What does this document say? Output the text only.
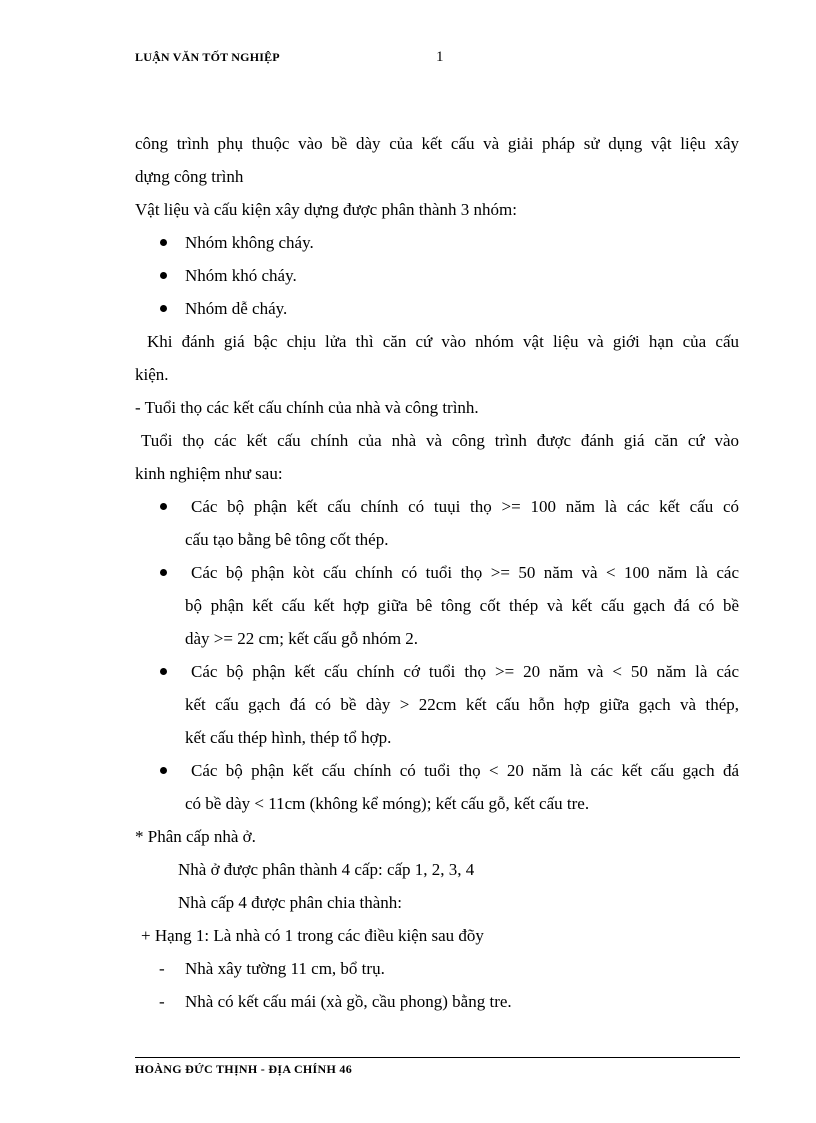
LUẬN VĂN TỐT NGHIỆP	1

công trình phụ thuộc vào bề dày của kết cấu và giải pháp sử dụng vật liệu xây

dựng công trình

Vật liệu và cấu kiện xây dựng được phân thành 3 nhóm:

Nhóm không cháy.
Nhóm khó cháy.
Nhóm dễ cháy.

Khi đánh giá bậc chịu lửa thì căn cứ vào nhóm vật liệu và giới hạn của cấu

kiện.

- Tuổi thọ các kết cấu chính của nhà và công trình.

Tuổi thọ các kết cấu chính của nhà và công trình được đánh giá căn cứ vào

kinh nghiệm như sau:

Các bộ phận kết cấu chính có tuụi thọ >= 100 năm là các kết cấu có
cấu tạo bằng bê tông cốt thép.
Các bộ phận kòt cấu chính có tuổi thọ >= 50 năm và < 100 năm là các
bộ phận kết cấu kết hợp giữa bê tông cốt thép và kết cấu gạch đá có bề
dày >= 22 cm; kết cấu gỗ nhóm 2.
Các bộ phận kết cấu chính cớ tuổi thọ >= 20 năm và < 50 năm là các
kết cấu gạch đá có bề dày > 22cm kết cấu hỗn hợp giữa gạch và thép,
kết cấu thép hình, thép tổ hợp.
Các bộ phận kết cấu chính có tuổi thọ < 20 năm là các kết cấu gạch đá
có bề dày < 11cm (không kể móng); kết cấu gỗ, kết cấu tre.

* Phân cấp nhà ở.

Nhà ở được phân thành 4 cấp: cấp 1, 2, 3, 4

Nhà cấp 4 được phân chia thành:

+ Hạng 1: Là nhà có 1 trong các điều kiện sau đõy

- Nhà xây tường 11 cm, bổ trụ.
- Nhà có kết cấu mái (xà gồ, cầu phong) bằng tre.
HOÀNG ĐỨC THỊNH - ĐỊA CHÍNH 46
